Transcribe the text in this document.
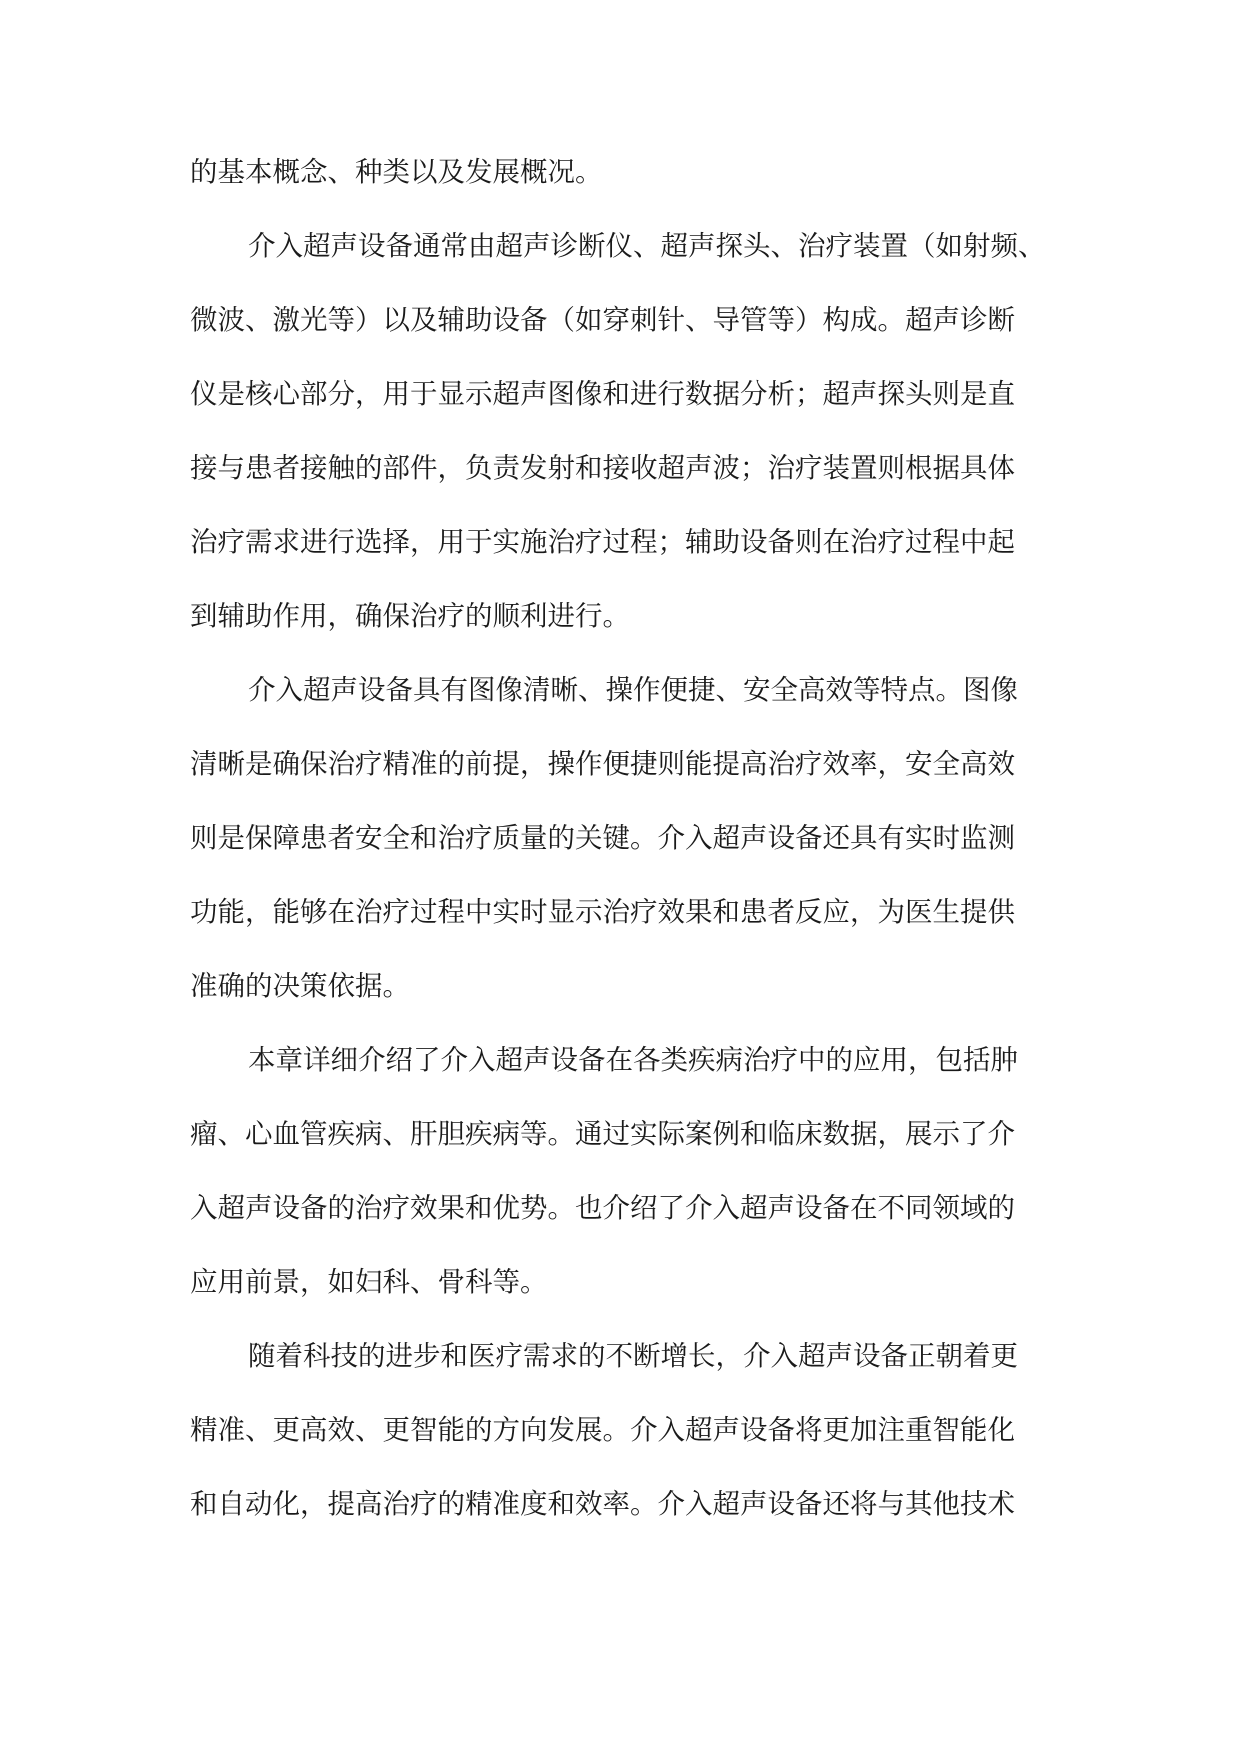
的基本概念、种类以及发展概况。
介入超声设备通常由超声诊断仪、超声探头、治疗装置（如射频、
微波、激光等）以及辅助设备（如穿刺针、导管等）构成。超声诊断
仪是核心部分，用于显示超声图像和进行数据分析；超声探头则是直
接与患者接触的部件，负责发射和接收超声波；治疗装置则根据具体
治疗需求进行选择，用于实施治疗过程；辅助设备则在治疗过程中起
到辅助作用，确保治疗的顺利进行。
介入超声设备具有图像清晰、操作便捷、安全高效等特点。图像
清晰是确保治疗精准的前提，操作便捷则能提高治疗效率，安全高效
则是保障患者安全和治疗质量的关键。介入超声设备还具有实时监测
功能，能够在治疗过程中实时显示治疗效果和患者反应，为医生提供
准确的决策依据。
本章详细介绍了介入超声设备在各类疾病治疗中的应用，包括肿
瘤、心血管疾病、肝胆疾病等。通过实际案例和临床数据，展示了介
入超声设备的治疗效果和优势。也介绍了介入超声设备在不同领域的
应用前景，如妇科、骨科等。
随着科技的进步和医疗需求的不断增长，介入超声设备正朝着更
精准、更高效、更智能的方向发展。介入超声设备将更加注重智能化
和自动化，提高治疗的精准度和效率。介入超声设备还将与其他技术
